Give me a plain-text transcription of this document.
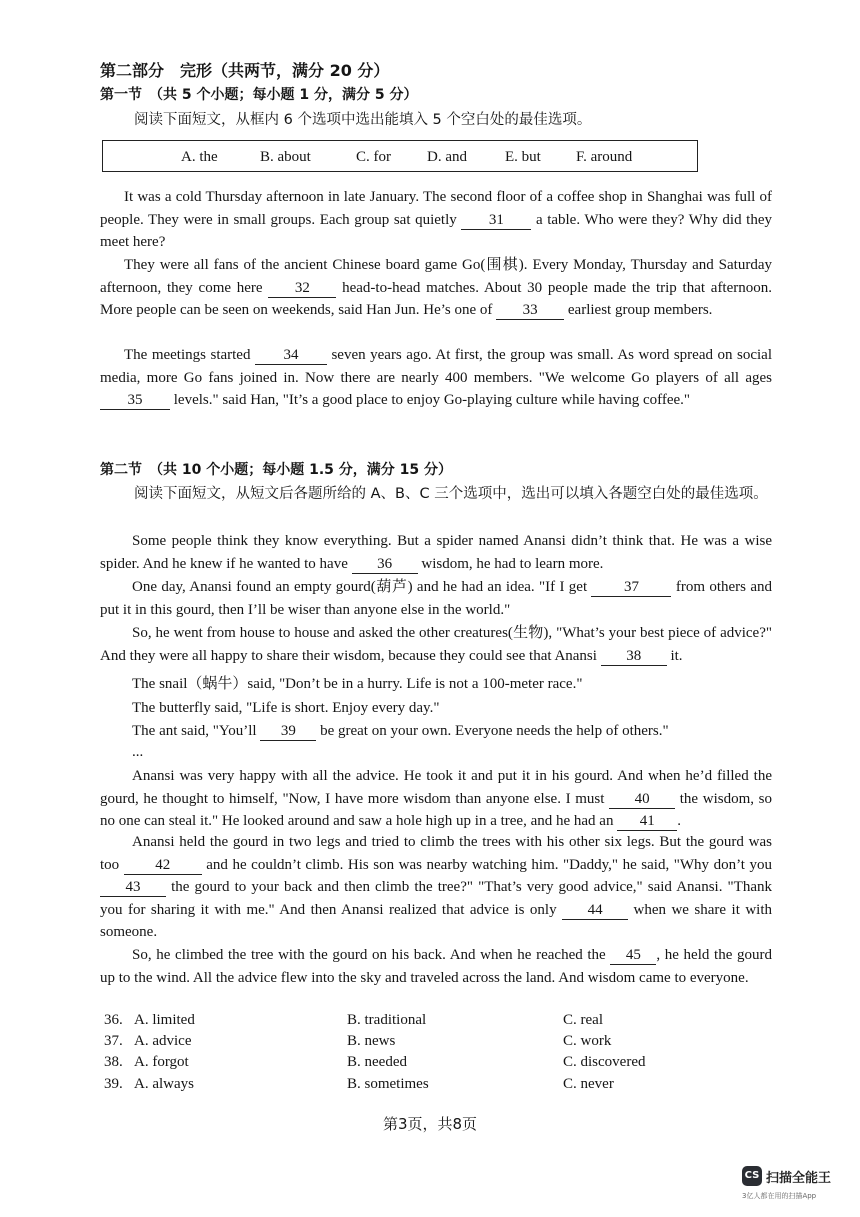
第二部分　完形（共两节，满分 20 分）
第一节　（共 5 个小题；每小题 1 分，满分 5 分）
阅读下面短文，从框内 6 个选项中选出能填入 5 个空白处的最佳选项。
A. the	B. about	C. for D. and	E. but F. around

It was a cold Thursday afternoon in late January. The second floor of a coffee shop in Shanghai was full of people. They were in small groups. Each group sat quietly 31 a table. Who were they? Why did they meet here?

They were all fans of the ancient Chinese board game Go(围棋). Every Monday, Thursday and Saturday afternoon, they come here 32 head-to-head matches. About 30 people made the trip that afternoon. More people can be seen on weekends, said Han Jun. He’s one of 33 earliest group members.

The meetings started 34 seven years ago. At first, the group was small. As word spread on social media, more Go fans joined in. Now there are nearly 400 members. "We welcome Go players of all ages 35 levels." said Han, "It’s a good place to enjoy Go-playing culture while having coffee."

第二节　（共 10 个小题；每小题 1.5 分，满分 15 分）
阅读下面短文，从短文后各题所给的 A、B、C 三个选项中，选出可以填入各题空白处的最佳选项。

Some people think they know everything. But a spider named Anansi didn’t think that. He was a wise spider. And he knew if he wanted to have 36 wisdom, he had to learn more.

One day, Anansi found an empty gourd(葫芦) and he had an idea. "If I get 37 from others and put it in this gourd, then I’ll be wiser than anyone else in the world."

So, he went from house to house and asked the other creatures(生物), "What’s your best piece of advice?" And they were all happy to share their wisdom, because they could see that Anansi 38 it.

The snail（蜗牛）said, "Don’t be in a hurry. Life is not a 100-meter race."

The butterfly said, "Life is short. Enjoy every day."

The ant said, "You’ll 39 be great on your own. Everyone needs the help of others."

...

Anansi was very happy with all the advice. He took it and put it in his gourd. And when he’d filled the gourd, he thought to himself, "Now, I have more wisdom than anyone else. I must 40 the wisdom, so no one can steal it." He looked around and saw a hole high up in a tree, and he had an 41 .

Anansi held the gourd in two legs and tried to climb the trees with his other six legs. But the gourd was too 42 and he couldn’t climb. His son was nearby watching him. "Daddy," he said, "Why don’t you 43 the gourd to your back and then climb the tree?" "That’s very good advice," said Anansi. "Thank you for sharing it with me." And then Anansi realized that advice is only 44 when we share it with someone.

So, he climbed the tree with the gourd on his back. And when he reached the 45 , he held the gourd up to the wind. All the advice flew into the sky and traveled across the land. And wisdom came to everyone.

36. A. limited	B. traditional	C. real
37. A. advice	B. news	C. work
38. A. forgot	B. needed	C. discovered
39. A. always	B. sometimes	C. never
第3页，共8页
CS 扫描全能王
3亿人都在用的扫描App
